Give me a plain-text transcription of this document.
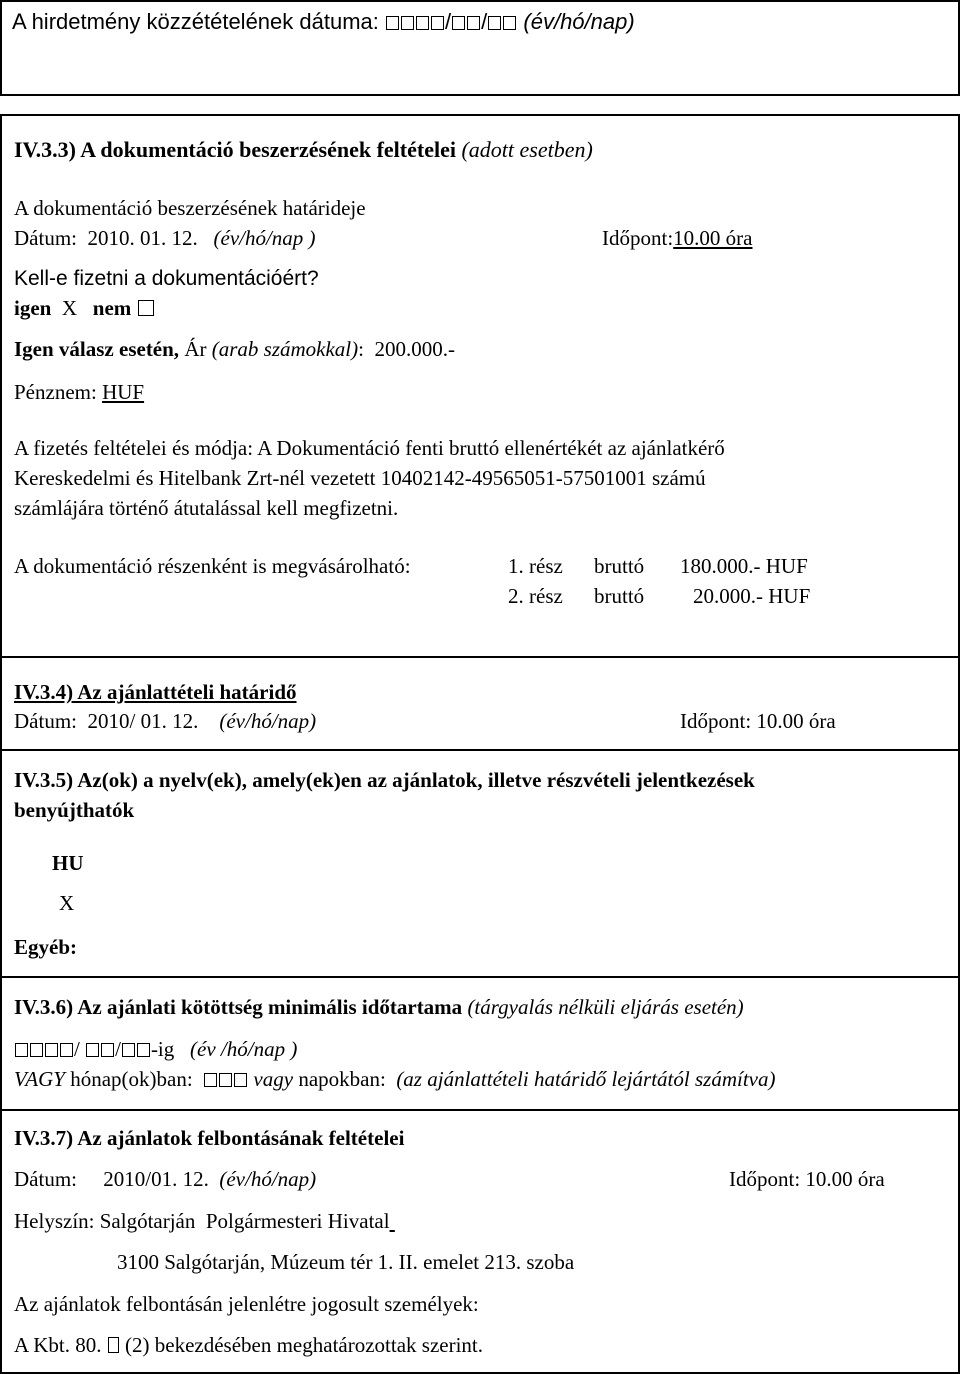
A hirdetmény közzétételének dátuma:	/ / (év/hó/nap)
IV.3.3) A dokumentáció beszerzésének feltételei (adott esetben)
A dokumentáció beszerzésének határideje
Dátum: 2010. 01. 12. (év/hó/nap )	Időpont:10.00 óra
Kell-e fizetni a dokumentációért?
igen X nem
Igen válasz esetén, Ár (arab számokkal): 200.000.-
Pénznem: HUF
A fizetés feltételei és módja: A Dokumentáció fenti bruttó ellenértékét az ajánlatkérő
Kereskedelmi és Hitelbank Zrt-nél vezetett 10402142-49565051-57501001 számú
számlájára történő átutalással kell megfizetni.
A dokumentáció részenként is megvásárolható:	1. rész bruttó 180.000.- HUF
2. rész bruttó 20.000.- HUF
IV.3.4) Az ajánlattételi határidő
Dátum: 2010/ 01. 12. (év/hó/nap)	Időpont: 10.00 óra
IV.3.5) Az(ok) a nyelv(ek), amely(ek)en az ajánlatok, illetve részvételi jelentkezések
benyújthatók
HU
X
Egyéb:
IV.3.6) Az ajánlati kötöttség minimális időtartama (tárgyalás nélküli eljárás esetén)
/ / -ig (év /hó/nap )
VAGY hónap(ok)ban:	vagy napokban: (az ajánlattételi határidő lejártától számítva)
IV.3.7) Az ajánlatok felbontásának feltételei
Dátum: 2010/01. 12. (év/hó/nap)	Időpont: 10.00 óra
Helyszín: Salgótarján  Polgármesteri Hivatal
3100 Salgótarján, Múzeum tér 1. II. emelet 213. szoba
Az ajánlatok felbontásán jelenlétre jogosult személyek:
A Kbt. 80. (2) bekezdésében meghatározottak szerint.
